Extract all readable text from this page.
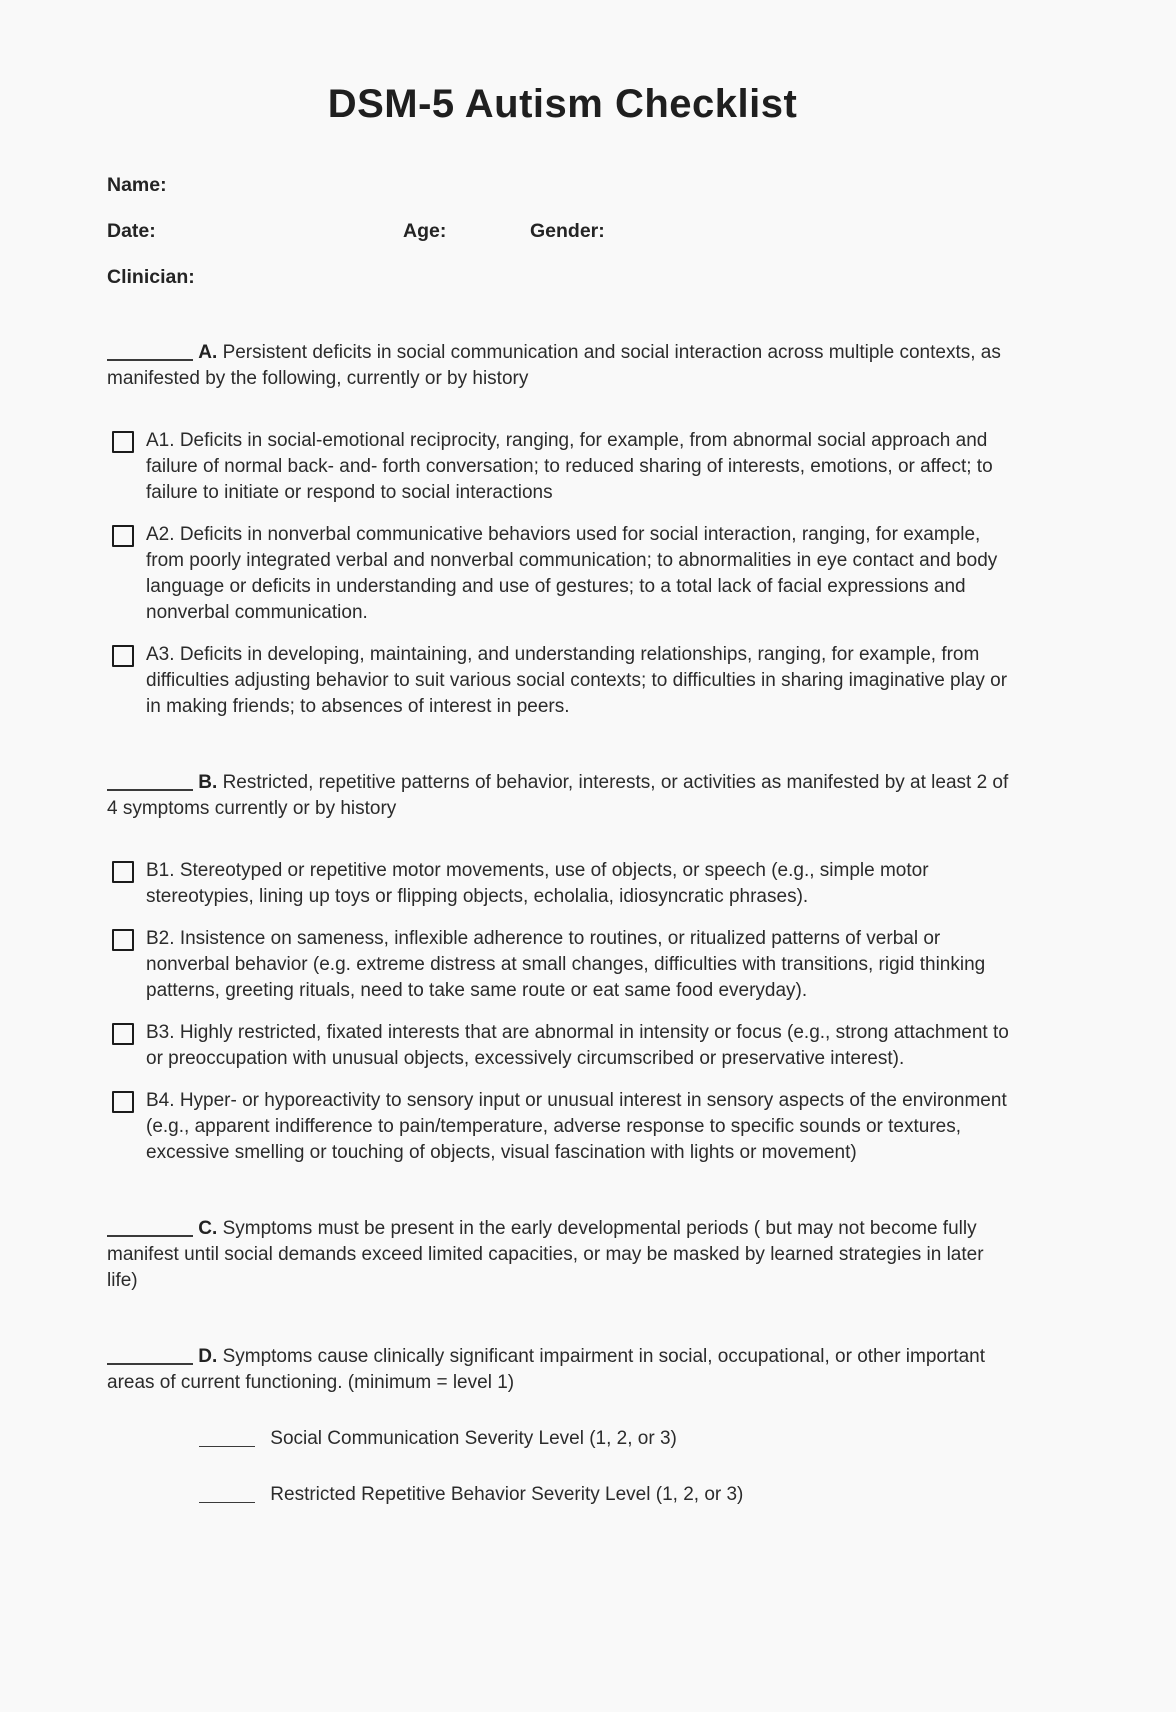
DSM-5 Autism Checklist
Name:
Date:	Age:	Gender:
Clinician:

A. Persistent deficits in social communication and social interaction across multiple contexts, as manifested by the following, currently or by history

A1. Deficits in social-emotional reciprocity, ranging, for example, from abnormal social approach and failure of normal back- and- forth conversation; to reduced sharing of interests, emotions, or affect; to failure to initiate or respond to social interactions
A2. Deficits in nonverbal communicative behaviors used for social interaction, ranging, for example, from poorly integrated verbal and nonverbal communication; to abnormalities in eye contact and body language or deficits in understanding and use of gestures; to a total lack of facial expressions and nonverbal communication.
A3. Deficits in developing, maintaining, and understanding relationships, ranging, for example, from difficulties adjusting behavior to suit various social contexts; to difficulties in sharing imaginative play or in making friends; to absences of interest in peers.

B. Restricted, repetitive patterns of behavior, interests, or activities as manifested by at least 2 of 4 symptoms currently or by history

B1. Stereotyped or repetitive motor movements, use of objects, or speech (e.g., simple motor stereotypies, lining up toys or flipping objects, echolalia, idiosyncratic phrases).
B2. Insistence on sameness, inflexible adherence to routines, or ritualized patterns of verbal or nonverbal behavior (e.g. extreme distress at small changes, difficulties with transitions, rigid thinking patterns, greeting rituals, need to take same route or eat same food everyday).
B3. Highly restricted, fixated interests that are abnormal in intensity or focus (e.g., strong attachment to or preoccupation with unusual objects, excessively circumscribed or preservative interest).
B4. Hyper- or hyporeactivity to sensory input or unusual interest in sensory aspects of the environment (e.g., apparent indifference to pain/temperature, adverse response to specific sounds or textures, excessive smelling or touching of objects, visual fascination with lights or movement)

C. Symptoms must be present in the early developmental periods ( but may not become fully manifest until social demands exceed limited capacities, or may be masked by learned strategies in later life)

D. Symptoms cause clinically significant impairment in social, occupational, or other important areas of current functioning. (minimum = level 1)

Social Communication Severity Level (1, 2, or 3)
Restricted Repetitive Behavior Severity Level (1, 2, or 3)
